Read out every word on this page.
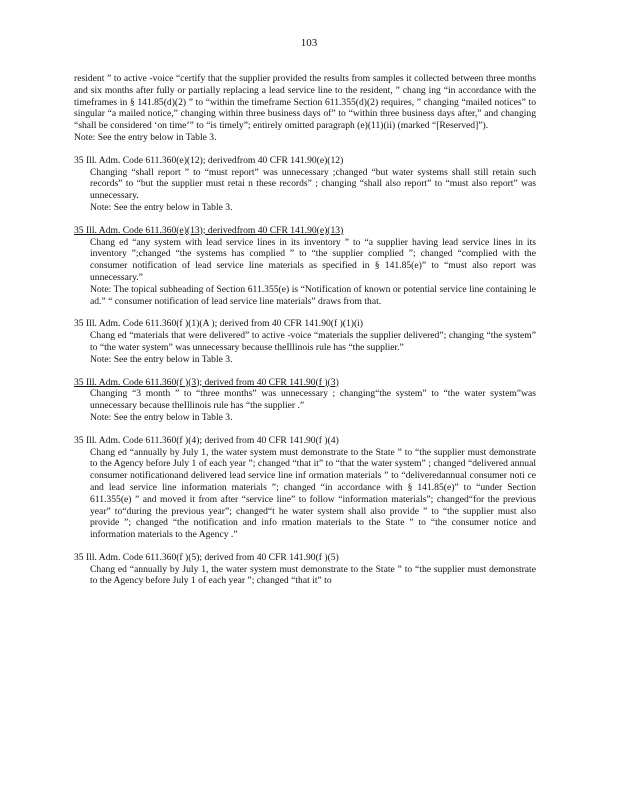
103
resident ” to active -voice “certify that the supplier provided the results from samples it collected between three months and six months after fully or partially replacing a lead service line to the resident, ” chang ing “in accordance with the timeframes in § 141.85(d)(2) ” to “within the timeframe Section 611.355(d)(2) requires, ” changing “mailed notices” to singular “a mailed notice,” changing within three business days of” to “within three business days after,” and changing “shall be considered ‘on time’” to “is timely”; entirely omitted paragraph (e)(11)(ii) (marked “[Reserved]”).
Note: See the entry below in Table 3.
35 Ill. Adm. Code 611.360(e)(12); derivedfrom 40 CFR 141.90(e)(12)
Changing “shall report ” to “must report” was unnecessary ;changed “but water systems shall still retain such records” to “but the supplier must retai n these records” ; changing “shall also report” to “must also report” was unnecessary.
Note: See the entry below in Table 3.
35 Ill. Adm. Code 611.360(e)(13); derivedfrom 40 CFR 141.90(e)(13)
Chang ed “any system with lead service lines in its inventory ” to “a supplier having lead service lines in its inventory ”;changed “the systems has complied ” to “the supplier complied ”; changed “complied with the consumer notification of lead service line materials as specified in § 141.85(e)” to “must also report was unnecessary.”
Note: The topical subheading of Section 611.355(e) is “Notification of known or potential service line containing le ad.” “ consumer notification of lead service line materials” draws from that.
35 Ill. Adm. Code 611.360(f )(1)(A ); derived from 40 CFR 141.90(f )(1)(i)
Chang ed “materials that were delivered” to active -voice “materials the supplier delivered”; changing “the system” to “the water system” was unnecessary because theIllinois rule has “the supplier.”
Note: See the entry below in Table 3.
35 Ill. Adm. Code 611.360(f )(3); derived from 40 CFR 141.90(f )(3)
Changing “3 month ” to “three months” was unnecessary ; changing“the system” to “the water system”was unnecessary because theIllinois rule has “the supplier .”
Note: See the entry below in Table 3.
35 Ill. Adm. Code 611.360(f )(4); derived from 40 CFR 141.90(f )(4)
Chang ed “annually by July 1, the water system must demonstrate to the State ” to “the supplier must demonstrate to the Agency before July 1 of each year ”; changed “that it” to “that the water system” ; changed “delivered annual consumer notificationand delivered lead service line inf ormation materials ” to “deliveredannual consumer noti ce and lead service line information materials ”; changed “in accordance with § 141.85(e)” to “under Section 611.355(e) ” and moved it from after “service line” to follow “information materials”; changed“for the previous year” to“during the previous year”; changed“t he water system shall also provide ” to “the supplier must also provide ”; changed “the notification and info rmation materials to the State ” to “the consumer notice and information materials to the Agency .”
35 Ill. Adm. Code 611.360(f )(5); derived from 40 CFR 141.90(f )(5)
Chang ed “annually by July 1, the water system must demonstrate to the State ” to “the supplier must demonstrate to the Agency before July 1 of each year ”; changed “that it” to
